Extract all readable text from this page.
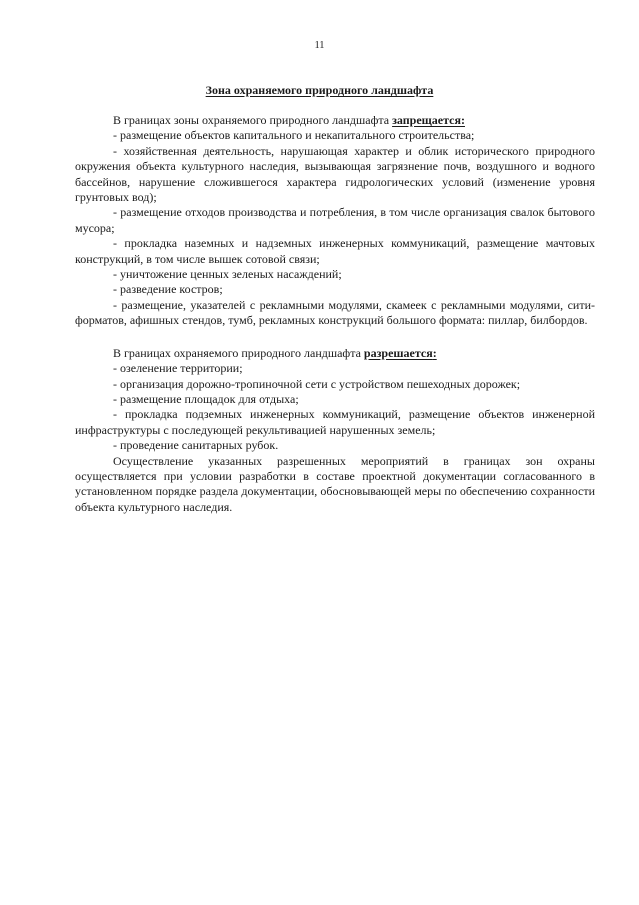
11
Зона охраняемого природного ландшафта

В границах зоны охраняемого природного ландшафта запрещается:

- размещение объектов капитального и некапитального строительства;

- хозяйственная деятельность, нарушающая характер и облик исторического природного окружения объекта культурного наследия, вызывающая загрязнение почв, воздушного и водного бассейнов, нарушение сложившегося характера гидрологических условий (изменение уровня грунтовых вод);

- размещение отходов производства и потребления, в том числе организация свалок бытового мусора;

- прокладка наземных и надземных инженерных коммуникаций, размещение мачтовых конструкций, в том числе вышек сотовой связи;

- уничтожение ценных зеленых насаждений;

- разведение костров;

- размещение, указателей с рекламными модулями, скамеек с рекламными модулями, сити-форматов, афишных стендов, тумб, рекламных конструкций большого формата: пиллар, билбордов.

В границах охраняемого природного ландшафта разрешается:

- озеленение территории;

- организация дорожно-тропиночной сети с устройством пешеходных дорожек;

- размещение площадок для отдыха;

- прокладка подземных инженерных коммуникаций, размещение объектов инженерной инфраструктуры с последующей рекультивацией нарушенных земель;

- проведение санитарных рубок.

Осуществление указанных разрешенных мероприятий в границах зон охраны осуществляется при условии разработки в составе проектной документации согласованного в установленном порядке раздела документации, обосновывающей меры по обеспечению сохранности объекта культурного наследия.
